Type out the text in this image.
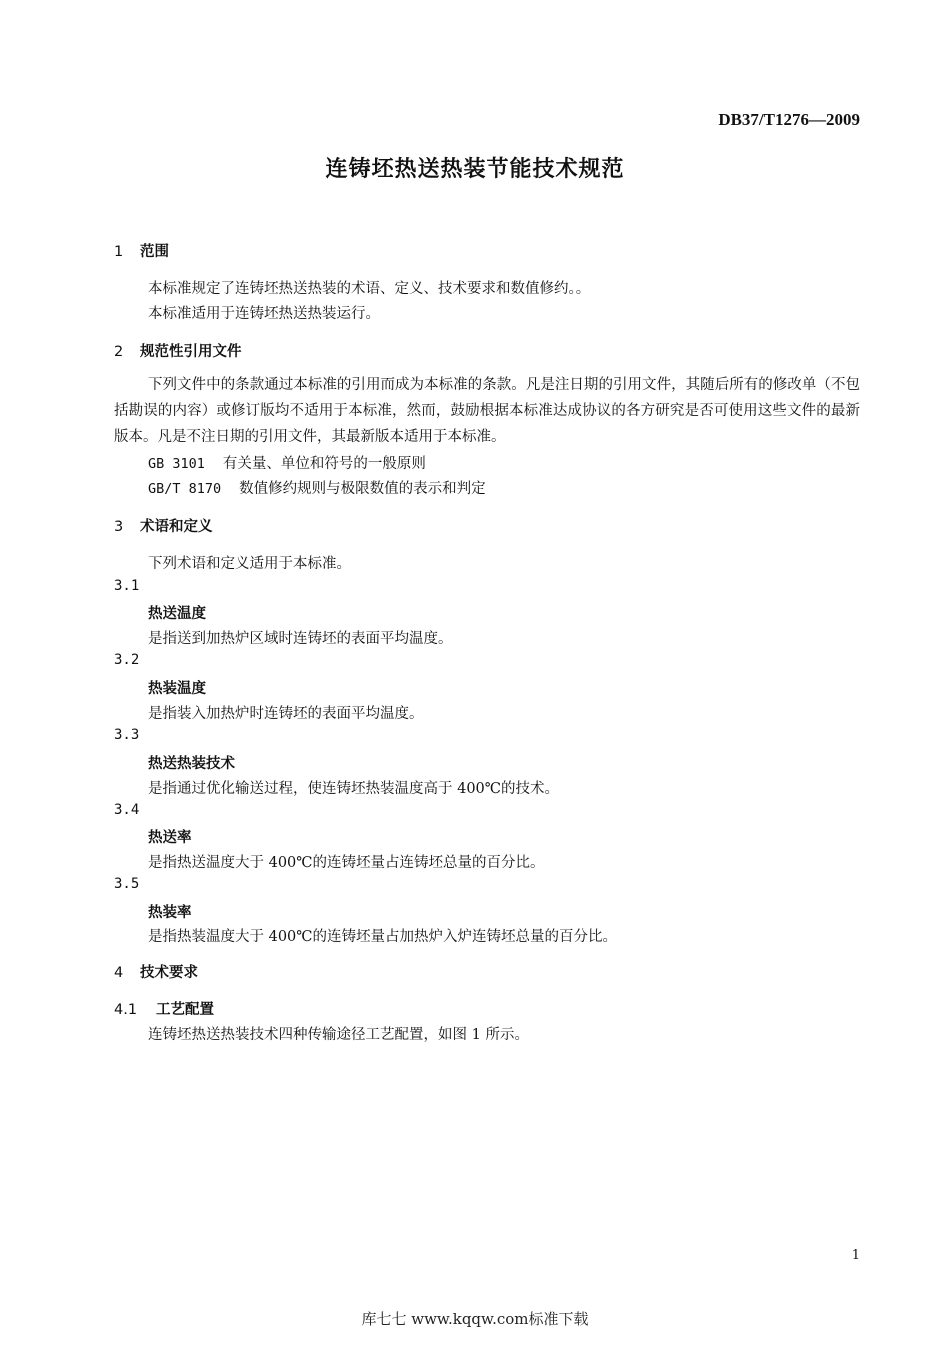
DB37/T1276—2009
连铸坯热送热装节能技术规范
1 范围
本标准规定了连铸坯热送热装的术语、定义、技术要求和数值修约。。
本标准适用于连铸坯热送热装运行。
2 规范性引用文件
下列文件中的条款通过本标准的引用而成为本标准的条款。凡是注日期的引用文件，其随后所有的修改单（不包括勘误的内容）或修订版均不适用于本标准，然而，鼓励根据本标准达成协议的各方研究是否可使用这些文件的最新版本。凡是不注日期的引用文件，其最新版本适用于本标准。
GB 3101 有关量、单位和符号的一般原则
GB/T 8170 数值修约规则与极限数值的表示和判定
3 术语和定义
下列术语和定义适用于本标准。
3.1
热送温度
是指送到加热炉区域时连铸坯的表面平均温度。
3.2
热装温度
是指装入加热炉时连铸坯的表面平均温度。
3.3
热送热装技术
是指通过优化输送过程，使连铸坯热装温度高于 400℃的技术。
3.4
热送率
是指热送温度大于 400℃的连铸坯量占连铸坯总量的百分比。
3.5
热装率
是指热装温度大于 400℃的连铸坯量占加热炉入炉连铸坯总量的百分比。
4 技术要求
4.1 工艺配置
连铸坯热送热装技术四种传输途径工艺配置，如图 1 所示。
1
库七七 www.kqqw.com标准下载
